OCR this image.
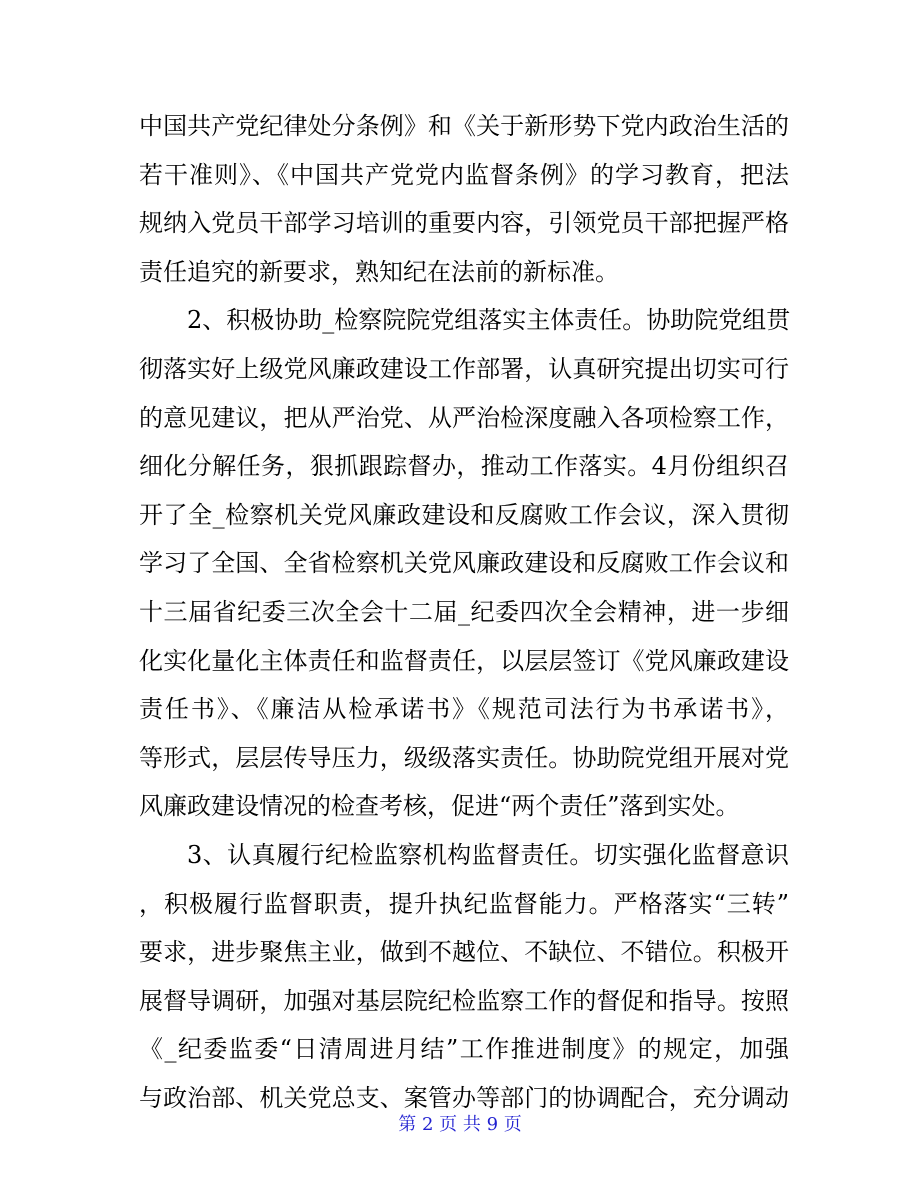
中国共产党纪律处分条例》和《关于新形势下党内政治生活的
若干准则》、《中国共产党党内监督条例》的学习教育，把法
规纳入党员干部学习培训的重要内容，引领党员干部把握严格
责任追究的新要求，熟知纪在法前的新标准。
2、积极协助_检察院院党组落实主体责任。协助院党组贯
彻落实好上级党风廉政建设工作部署，认真研究提出切实可行
的意见建议，把从严治党、从严治检深度融入各项检察工作，
细化分解任务，狠抓跟踪督办，推动工作落实。4月份组织召
开了全_检察机关党风廉政建设和反腐败工作会议，深入贯彻
学习了全国、全省检察机关党风廉政建设和反腐败工作会议和
十三届省纪委三次全会十二届_纪委四次全会精神，进一步细
化实化量化主体责任和监督责任，以层层签订《党风廉政建设
责任书》、《廉洁从检承诺书》《规范司法行为书承诺书》，
等形式，层层传导压力，级级落实责任。协助院党组开展对党
风廉政建设情况的检查考核，促进“两个责任”落到实处。
3、认真履行纪检监察机构监督责任。切实强化监督意识
，积极履行监督职责，提升执纪监督能力。严格落实“三转”
要求，进步聚焦主业，做到不越位、不缺位、不错位。积极开
展督导调研，加强对基层院纪检监察工作的督促和指导。按照
《_纪委监委“日清周进月结”工作推进制度》的规定，加强
与政治部、机关党总支、案管办等部门的协调配合，充分调动
第 2 页 共 9 页
